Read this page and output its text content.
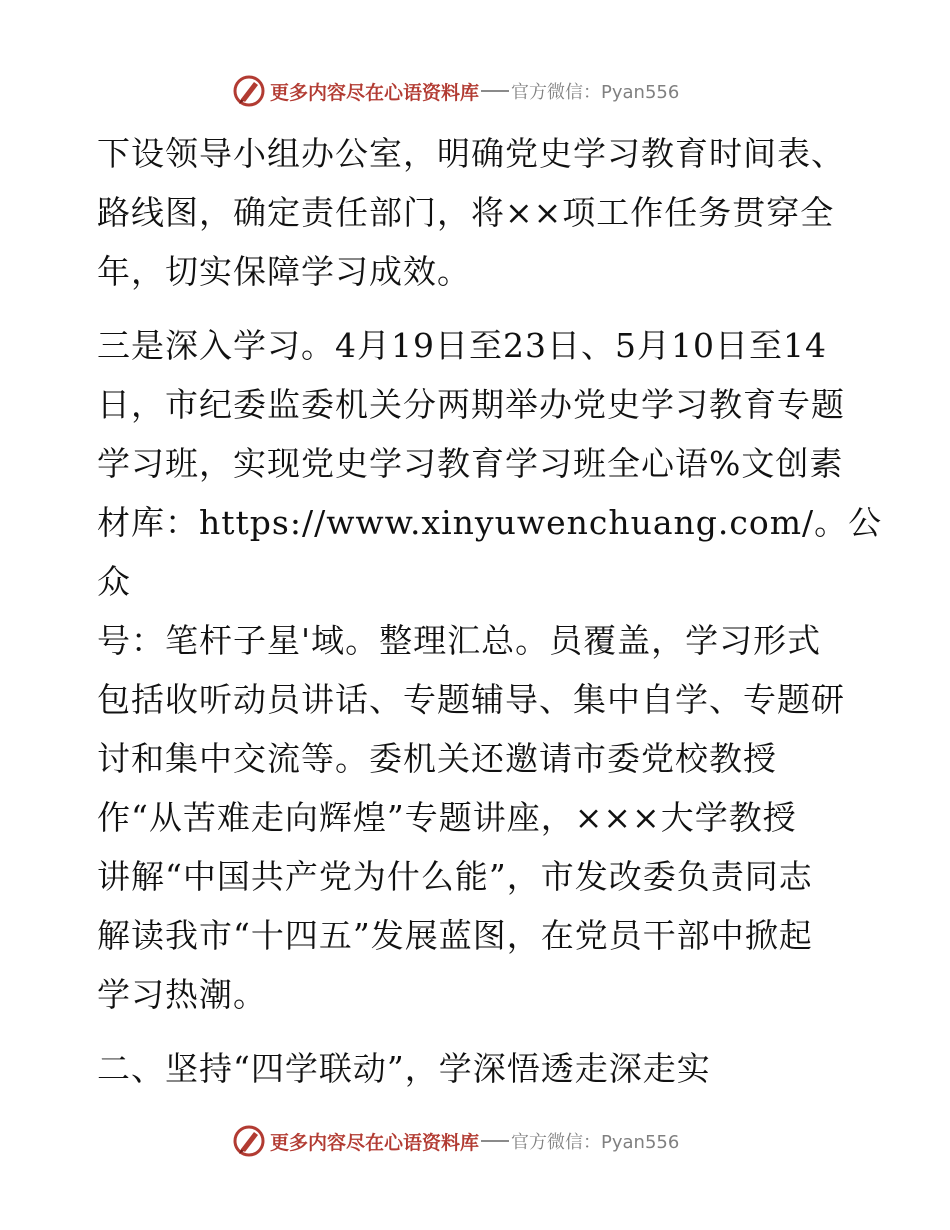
更多内容尽在心语资料库 官方微信：Pyan556

下设领导小组办公室，明确党史学习教育时间表、
路线图，确定责任部门，将××项工作任务贯穿全
年，切实保障学习成效。

三是深入学习。4月19日至23日、5月10日至14
日，市纪委监委机关分两期举办党史学习教育专题
学习班，实现党史学习教育学习班全心语%文创素
材库：https://www.xinyuwenchuang.com/。公众
号：笔杆子星'域。整理汇总。员覆盖，学习形式
包括收听动员讲话、专题辅导、集中自学、专题研
讨和集中交流等。委机关还邀请市委党校教授
作“从苦难走向辉煌”专题讲座，×××大学教授
讲解“中国共产党为什么能”，市发改委负责同志
解读我市“十四五”发展蓝图，在党员干部中掀起
学习热潮。

二、坚持“四学联动”，学深悟透走深走实

更多内容尽在心语资料库 官方微信：Pyan556
